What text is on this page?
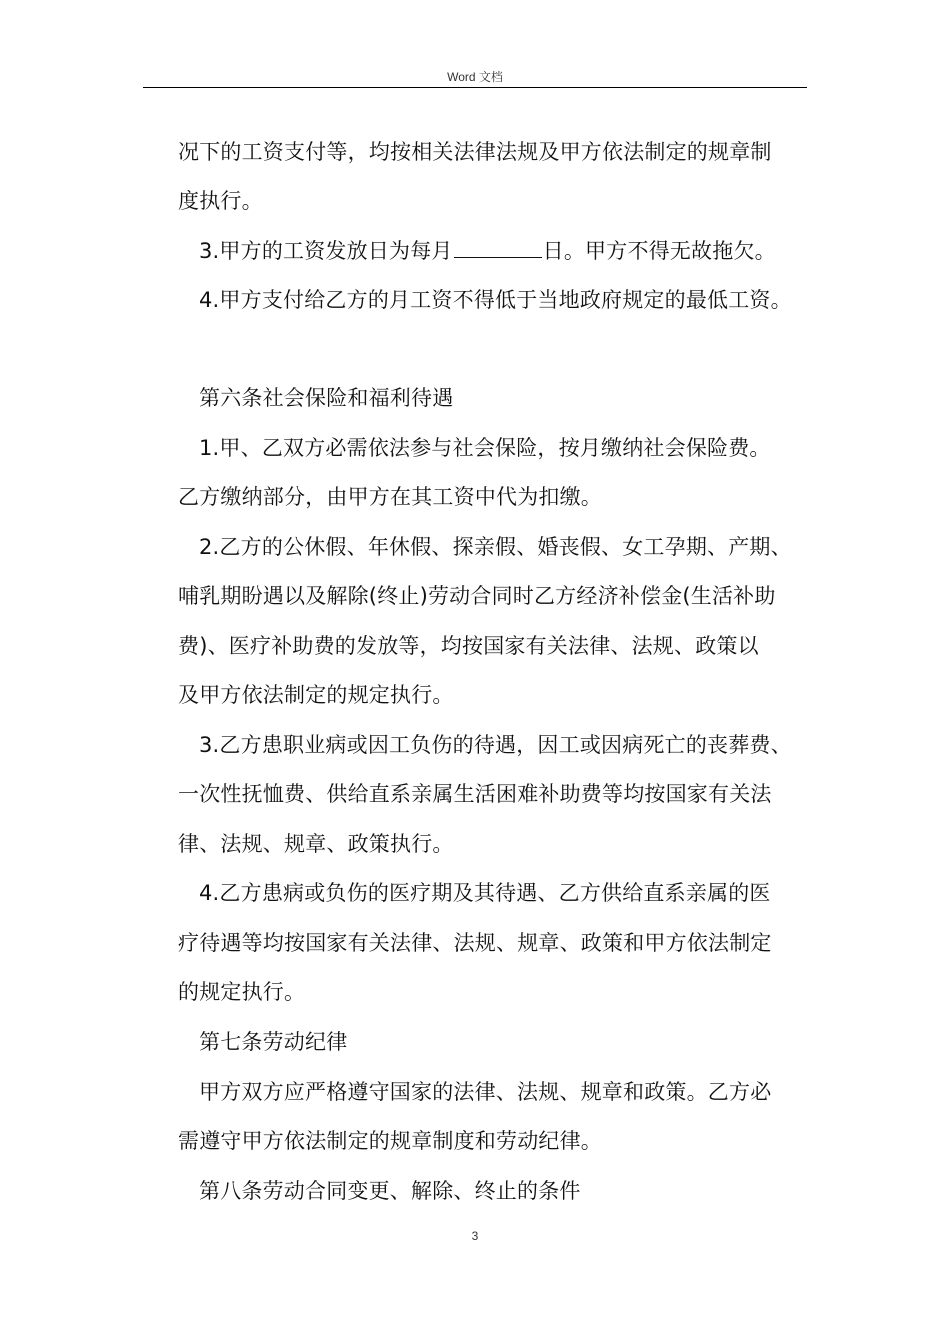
Word 文档
况下的工资支付等，均按相关法律法规及甲方依法制定的规章制
度执行。
3.甲方的工资发放日为每月	日。甲方不得无故拖欠。
4.甲方支付给乙方的月工资不得低于当地政府规定的最低工资。
第六条社会保险和福利待遇
1.甲、乙双方必需依法参与社会保险，按月缴纳社会保险费。
乙方缴纳部分，由甲方在其工资中代为扣缴。
2.乙方的公休假、年休假、探亲假、婚丧假、女工孕期、产期、
哺乳期盼遇以及解除(终止)劳动合同时乙方经济补偿金(生活补助
费)、医疗补助费的发放等，均按国家有关法律、法规、政策以
及甲方依法制定的规定执行。
3.乙方患职业病或因工负伤的待遇，因工或因病死亡的丧葬费、
一次性抚恤费、供给直系亲属生活困难补助费等均按国家有关法
律、法规、规章、政策执行。
4.乙方患病或负伤的医疗期及其待遇、乙方供给直系亲属的医
疗待遇等均按国家有关法律、法规、规章、政策和甲方依法制定
的规定执行。
第七条劳动纪律
甲方双方应严格遵守国家的法律、法规、规章和政策。乙方必
需遵守甲方依法制定的规章制度和劳动纪律。
第八条劳动合同变更、解除、终止的条件
3
